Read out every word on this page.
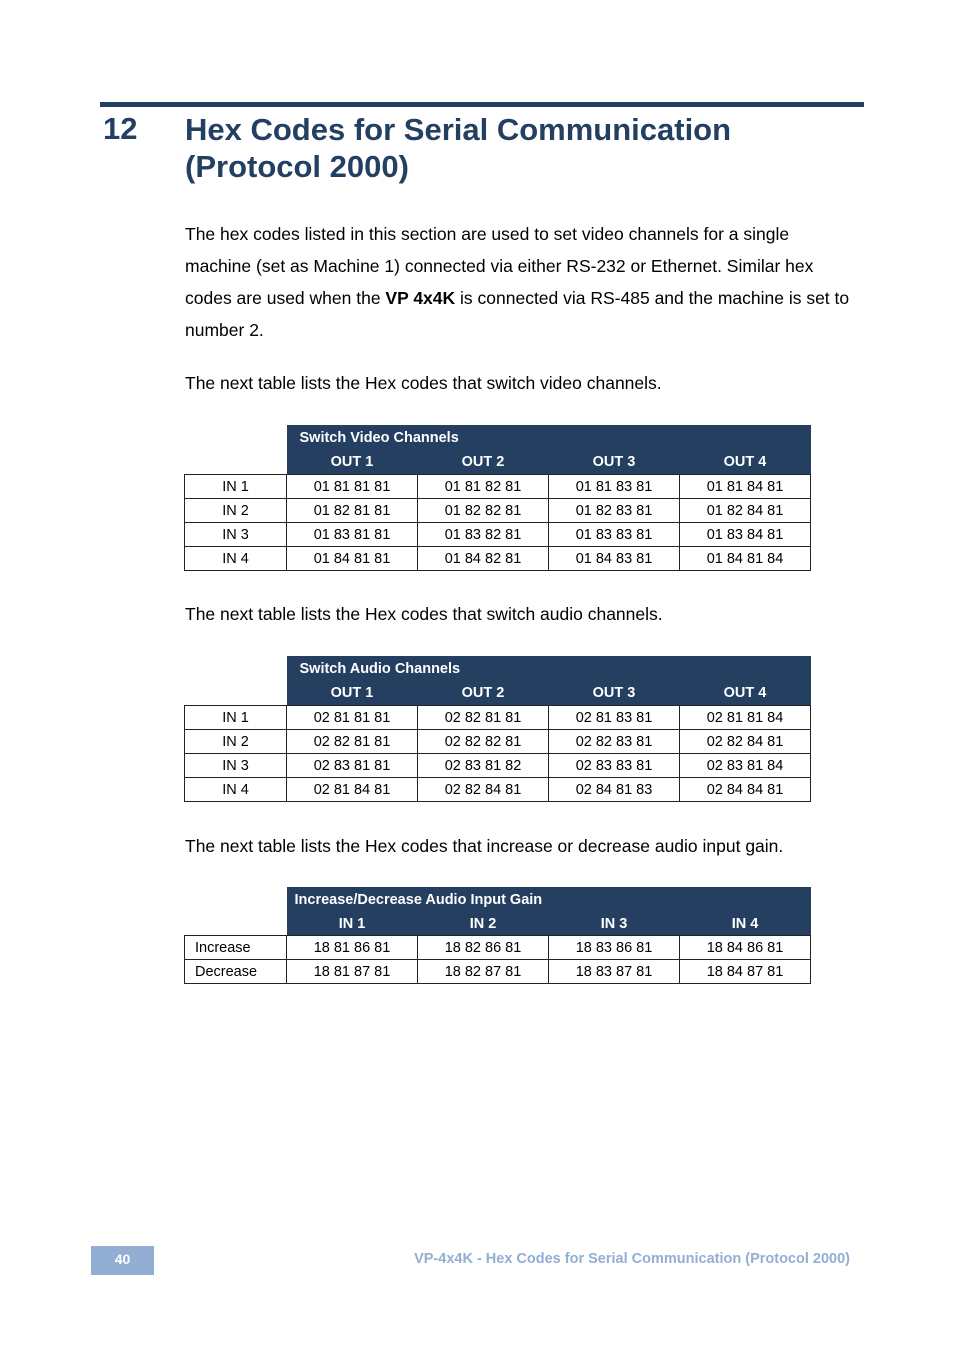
12 Hex Codes for Serial Communication
(Protocol 2000)

The hex codes listed in this section are used to set video channels for a single machine (set as Machine 1) connected via either RS-232 or Ethernet. Similar hex codes are used when the VP 4x4K is connected via RS-485 and the machine is set to number 2.

The next table lists the Hex codes that switch video channels.

	Switch Video Channels			
	OUT 1	OUT 2	OUT 3	OUT 4
IN 1	01 81 81 81	01 81 82 81	01 81 83 81	01 81 84 81
IN 2	01 82 81 81	01 82 82 81	01 82 83 81	01 82 84 81
IN 3	01 83 81 81	01 83 82 81	01 83 83 81	01 83 84 81
IN 4	01 84 81 81	01 84 82 81	01 84 83 81	01 84 81 84

The next table lists the Hex codes that switch audio channels.

	Switch Audio Channels			
	OUT 1	OUT 2	OUT 3	OUT 4
IN 1	02 81 81 81	02 82 81 81	02 81 83 81	02 81 81 84
IN 2	02 82 81 81	02 82 82 81	02 82 83 81	02 82 84 81
IN 3	02 83 81 81	02 83 81 82	02 83 83 81	02 83 81 84
IN 4	02 81 84 81	02 82 84 81	02 84 81 83	02 84 84 81

The next table lists the Hex codes that increase or decrease audio input gain.

	Increase/Decrease Audio Input Gain			
	IN 1	IN 2	IN 3	IN 4
Increase	18 81 86 81	18 82 86 81	18 83 86 81	18 84 86 81
Decrease	18 81 87 81	18 82 87 81	18 83 87 81	18 84 87 81
40	VP-4x4K - Hex Codes for Serial Communication (Protocol 2000)
